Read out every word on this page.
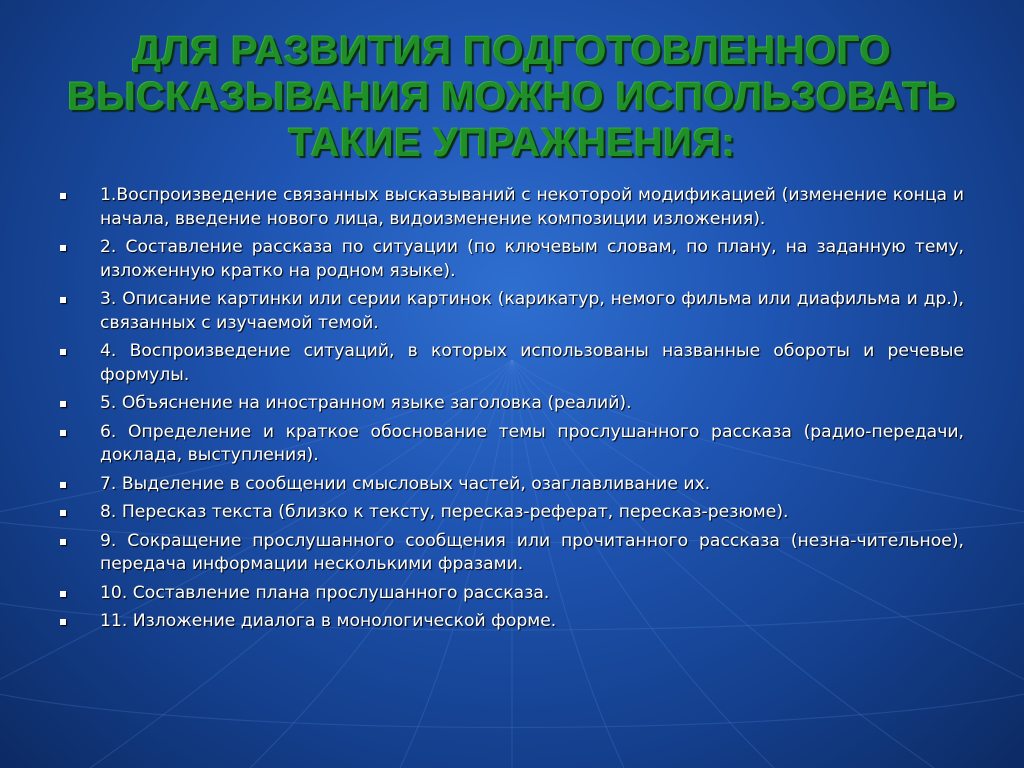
ДЛЯ РАЗВИТИЯ ПОДГОТОВЛЕННОГО
ВЫСКАЗЫВАНИЯ МОЖНО ИСПОЛЬЗОВАТЬ
ТАКИЕ УПРАЖНЕНИЯ:
1.Воспроизведение связанных высказываний с некоторой модификацией (изменение конца и начала, введение нового лица, видоизменение композиции изложения).
2. Составление рассказа по ситуации (по ключевым словам, по плану, на заданную тему, изложенную кратко на родном языке).
3. Описание картинки или серии картинок (карикатур, немого фильма или диафильма и др.), связанных с изучаемой темой.
4. Воспроизведение ситуаций, в которых использованы названные обороты и речевые формулы.
5. Объяснение на иностранном языке заголовка (реалий).
6. Определение и краткое обоснование темы прослушанного рассказа (радио-передачи, доклада, выступления).
7. Выделение в сообщении смысловых частей, озаглавливание их.
8. Пересказ текста (близко к тексту, пересказ-реферат, пересказ-резюме).
9. Сокращение прослушанного сообщения или прочитанного рассказа (незна-чительное), передача информации несколькими фразами.
10. Составление плана прослушанного рассказа.
11. Изложение диалога в монологической форме.
